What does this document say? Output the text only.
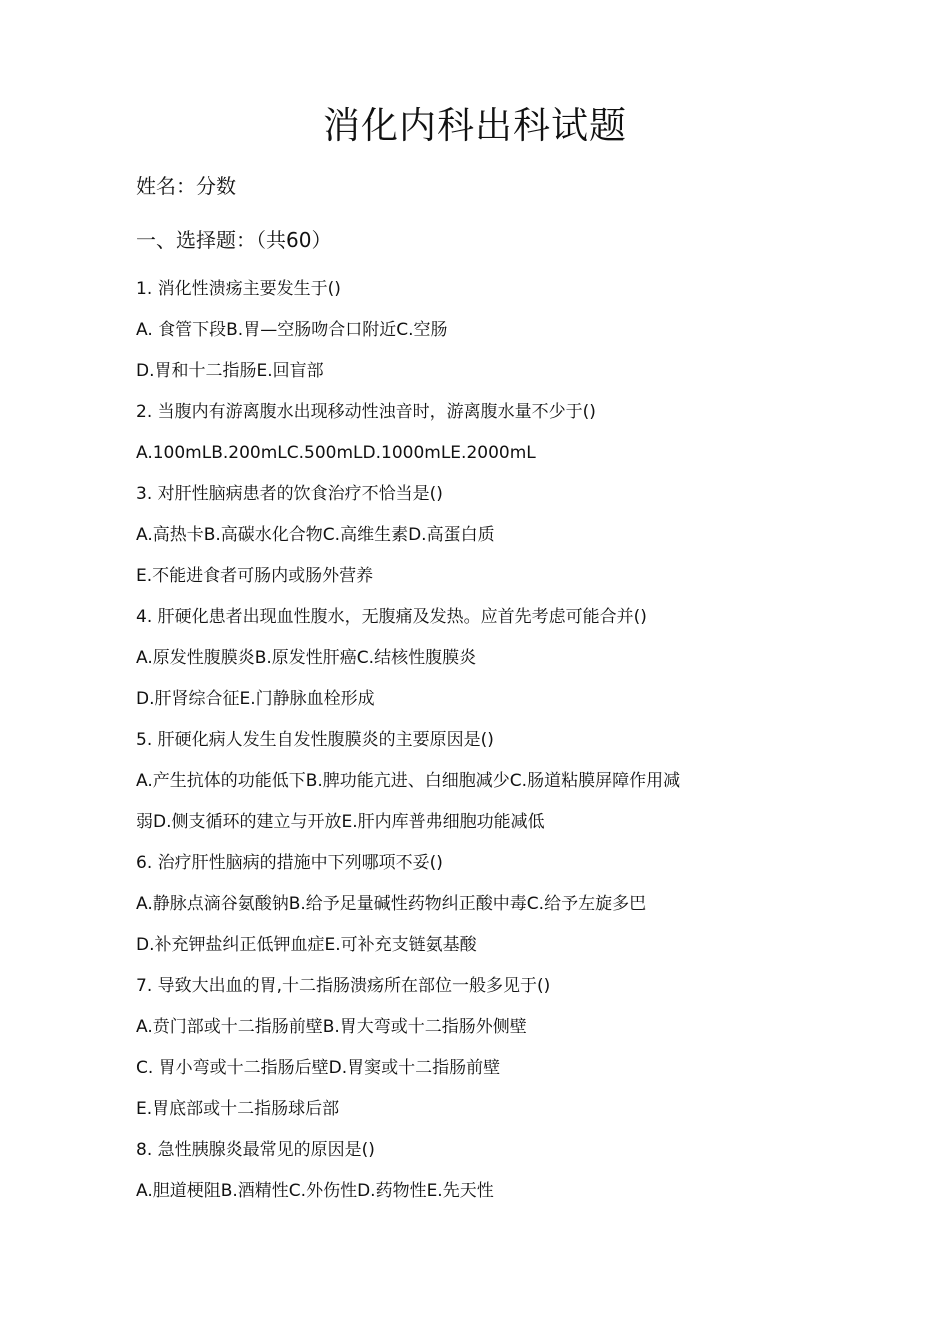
消化内科出科试题
姓名：分数
一、选择题：（共60）
1. 消化性溃疡主要发生于()
A. 食管下段B.胃—空肠吻合口附近C.空肠
D.胃和十二指肠E.回盲部
2. 当腹内有游离腹水出现移动性浊音时，游离腹水量不少于()
A.100mLB.200mLC.500mLD.1000mLE.2000mL
3. 对肝性脑病患者的饮食治疗不恰当是()
A.高热卡B.高碳水化合物C.高维生素D.高蛋白质
E.不能进食者可肠内或肠外营养
4. 肝硬化患者出现血性腹水，无腹痛及发热。应首先考虑可能合并()
A.原发性腹膜炎B.原发性肝癌C.结核性腹膜炎
D.肝肾综合征E.门静脉血栓形成
5. 肝硬化病人发生自发性腹膜炎的主要原因是()
A.产生抗体的功能低下B.脾功能亢进、白细胞减少C.肠道粘膜屏障作用减
弱D.侧支循环的建立与开放E.肝内库普弗细胞功能减低
6. 治疗肝性脑病的措施中下列哪项不妥()
A.静脉点滴谷氨酸钠B.给予足量碱性药物纠正酸中毒C.给予左旋多巴
D.补充钾盐纠正低钾血症E.可补充支链氨基酸
7. 导致大出血的胃,十二指肠溃疡所在部位一般多见于()
A.贲门部或十二指肠前壁B.胃大弯或十二指肠外侧壁
C. 胃小弯或十二指肠后壁D.胃窦或十二指肠前壁
E.胃底部或十二指肠球后部
8. 急性胰腺炎最常见的原因是()
A.胆道梗阻B.酒精性C.外伤性D.药物性E.先天性
